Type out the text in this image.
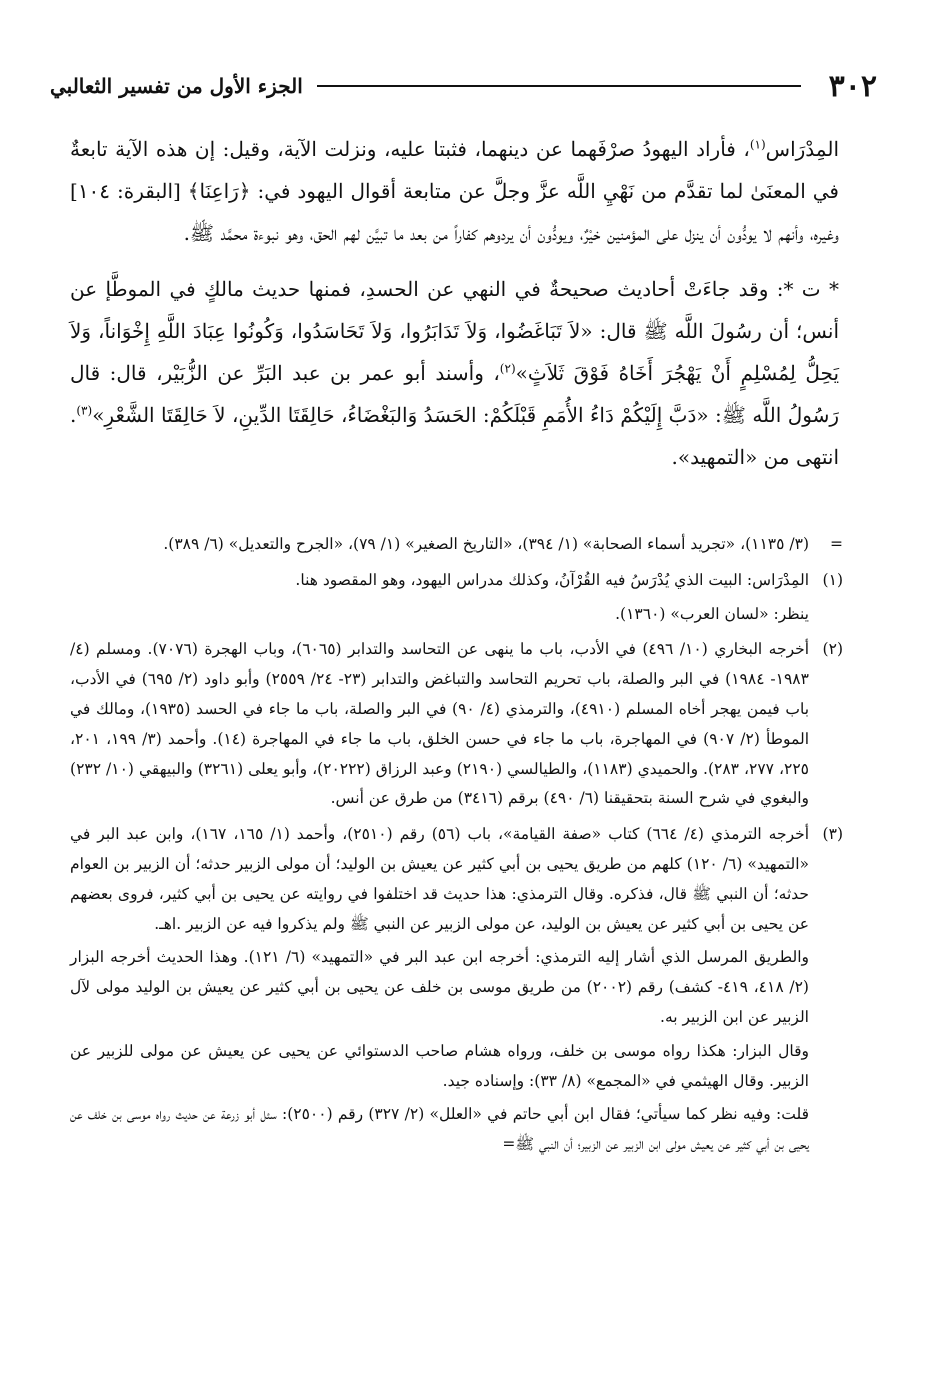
٣٠٢
الجزء الأول من تفسير الثعالبي

المِدْرَاس$^{(١)}$، فأراد اليهودُ صرْفَهما عن دينهما، فثبتا عليه، ونزلت الآية، وقيل: إن هذه الآية تابعةٌ في المعنَىٰ لما تقدَّم من نَهْيِ اللَّه عزَّ وجلَّ عن متابعة أقوال اليهود في: ﴿رَاعِنَا﴾ [البقرة: ١٠٤] وغيره، وأنهم لا يودُّون أن ينزل على المؤمنين خيْرٌ، ويودُّون أن يردوهم كفاراً من بعد ما تبيَّن لهم الحق، وهو نبوءة محمَّد ﷺ.

* ت *: وقد جاءَتْ أحاديث صحيحةٌ في النهي عن الحسدِ، فمنها حديث مالكٍ في الموطَّإ عن أنس؛ أن رسُولَ اللَّه ﷺ قال: «لاَ تَبَاغَضُوا، وَلاَ تَدَابَرُوا، وَلاَ تَحَاسَدُوا، وَكُونُوا عِبَادَ اللَّهِ إِخْوَاناً، وَلاَ يَحِلُّ لِمُسْلِمٍ أَنْ يَهْجُرَ أَخَاهُ فَوْقَ ثَلاَثٍ»$^{(٢)}$، وأسند أبو عمر بن عبد البَرِّ عن الزُّبَيْر، قال: قال رَسُولُ اللَّه ﷺ: «دَبَّ إِلَيْكُمْ دَاءُ الأُمَمِ قَبْلَكُمْ: الحَسَدُ وَالبَغْضَاءُ، حَالِقَتَا الدِّينِ، لاَ حَالِقَتَا الشَّعْرِ»$^{(٣)}$. انتهى من «التمهيد».

=

(٣/ ١١٣٥)، «تجريد أسماء الصحابة» (١/ ٣٩٤)، «التاريخ الصغير» (١/ ٧٩)، «الجرح والتعديل» (٦/ ٣٨٩).

(١)

المِدْرَاس: البيت الذي يُدْرَسُ فيه القُرْآنُ، وكذلك مدراس اليهود، وهو المقصود هنا.

ينظر: «لسان العرب» (١٣٦٠).

(٢)

أخرجه البخاري (١٠/ ٤٩٦) في الأدب، باب ما ينهى عن التحاسد والتدابر (٦٠٦٥)، وباب الهجرة (٧٠٧٦). ومسلم (٤/ ١٩٨٣- ١٩٨٤) في البر والصلة، باب تحريم التحاسد والتباغض والتدابر (٢٣- ٢٤/ ٢٥٥٩) وأبو داود (٢/ ٦٩٥) في الأدب، باب فيمن يهجر أخاه المسلم (٤٩١٠)، والترمذي (٤/ ٩٠) في البر والصلة، باب ما جاء في الحسد (١٩٣٥)، ومالك في الموطأ (٢/ ٩٠٧) في المهاجرة، باب ما جاء في حسن الخلق، باب ما جاء في المهاجرة (١٤). وأحمد (٣/ ١٩٩، ٢٠١، ٢٢٥، ٢٧٧، ٢٨٣). والحميدي (١١٨٣)، والطيالسي (٢١٩٠) وعبد الرزاق (٢٠٢٢٢)، وأبو يعلى (٣٢٦١) والبيهقي (١٠/ ٢٣٢) والبغوي في شرح السنة بتحقيقنا (٦/ ٤٩٠) برقم (٣٤١٦) من طرق عن أنس.

(٣)

أخرجه الترمذي (٤/ ٦٦٤) كتاب «صفة القيامة»، باب (٥٦) رقم (٢٥١٠)، وأحمد (١/ ١٦٥، ١٦٧)، وابن عبد البر في «التمهيد» (٦/ ١٢٠) كلهم من طريق يحيى بن أبي كثير عن يعيش بن الوليد؛ أن مولى الزبير حدثه؛ أن الزبير بن العوام حدثه؛ أن النبي ﷺ قال، فذكره. وقال الترمذي: هذا حديث قد اختلفوا في روايته عن يحيى بن أبي كثير، فروى بعضهم عن يحيى بن أبي كثير عن يعيش بن الوليد، عن مولى الزبير عن النبي ﷺ ولم يذكروا فيه عن الزبير .اهـ.

والطريق المرسل الذي أشار إليه الترمذي: أخرجه ابن عبد البر في «التمهيد» (٦/ ١٢١). وهذا الحديث أخرجه البزار (٢/ ٤١٨، ٤١٩- كشف) رقم (٢٠٠٢) من طريق موسى بن خلف عن يحيى بن أبي كثير عن يعيش بن الوليد مولى لآل الزبير عن ابن الزبير به.

وقال البزار: هكذا رواه موسى بن خلف، ورواه هشام صاحب الدستوائي عن يحيى عن يعيش عن مولى للزبير عن الزبير. وقال الهيثمي في «المجمع» (٨/ ٣٣): وإسناده جيد.

قلت: وفيه نظر كما سيأتي؛ فقال ابن أبي حاتم في «العلل» (٢/ ٣٢٧) رقم (٢٥٠٠): سئل أبو زرعة عن حديث رواه موسى بن خلف عن يحيى بن أبي كثير عن يعيش مولى ابن الزبير عن الزبير؛ أن النبي ﷺ=
